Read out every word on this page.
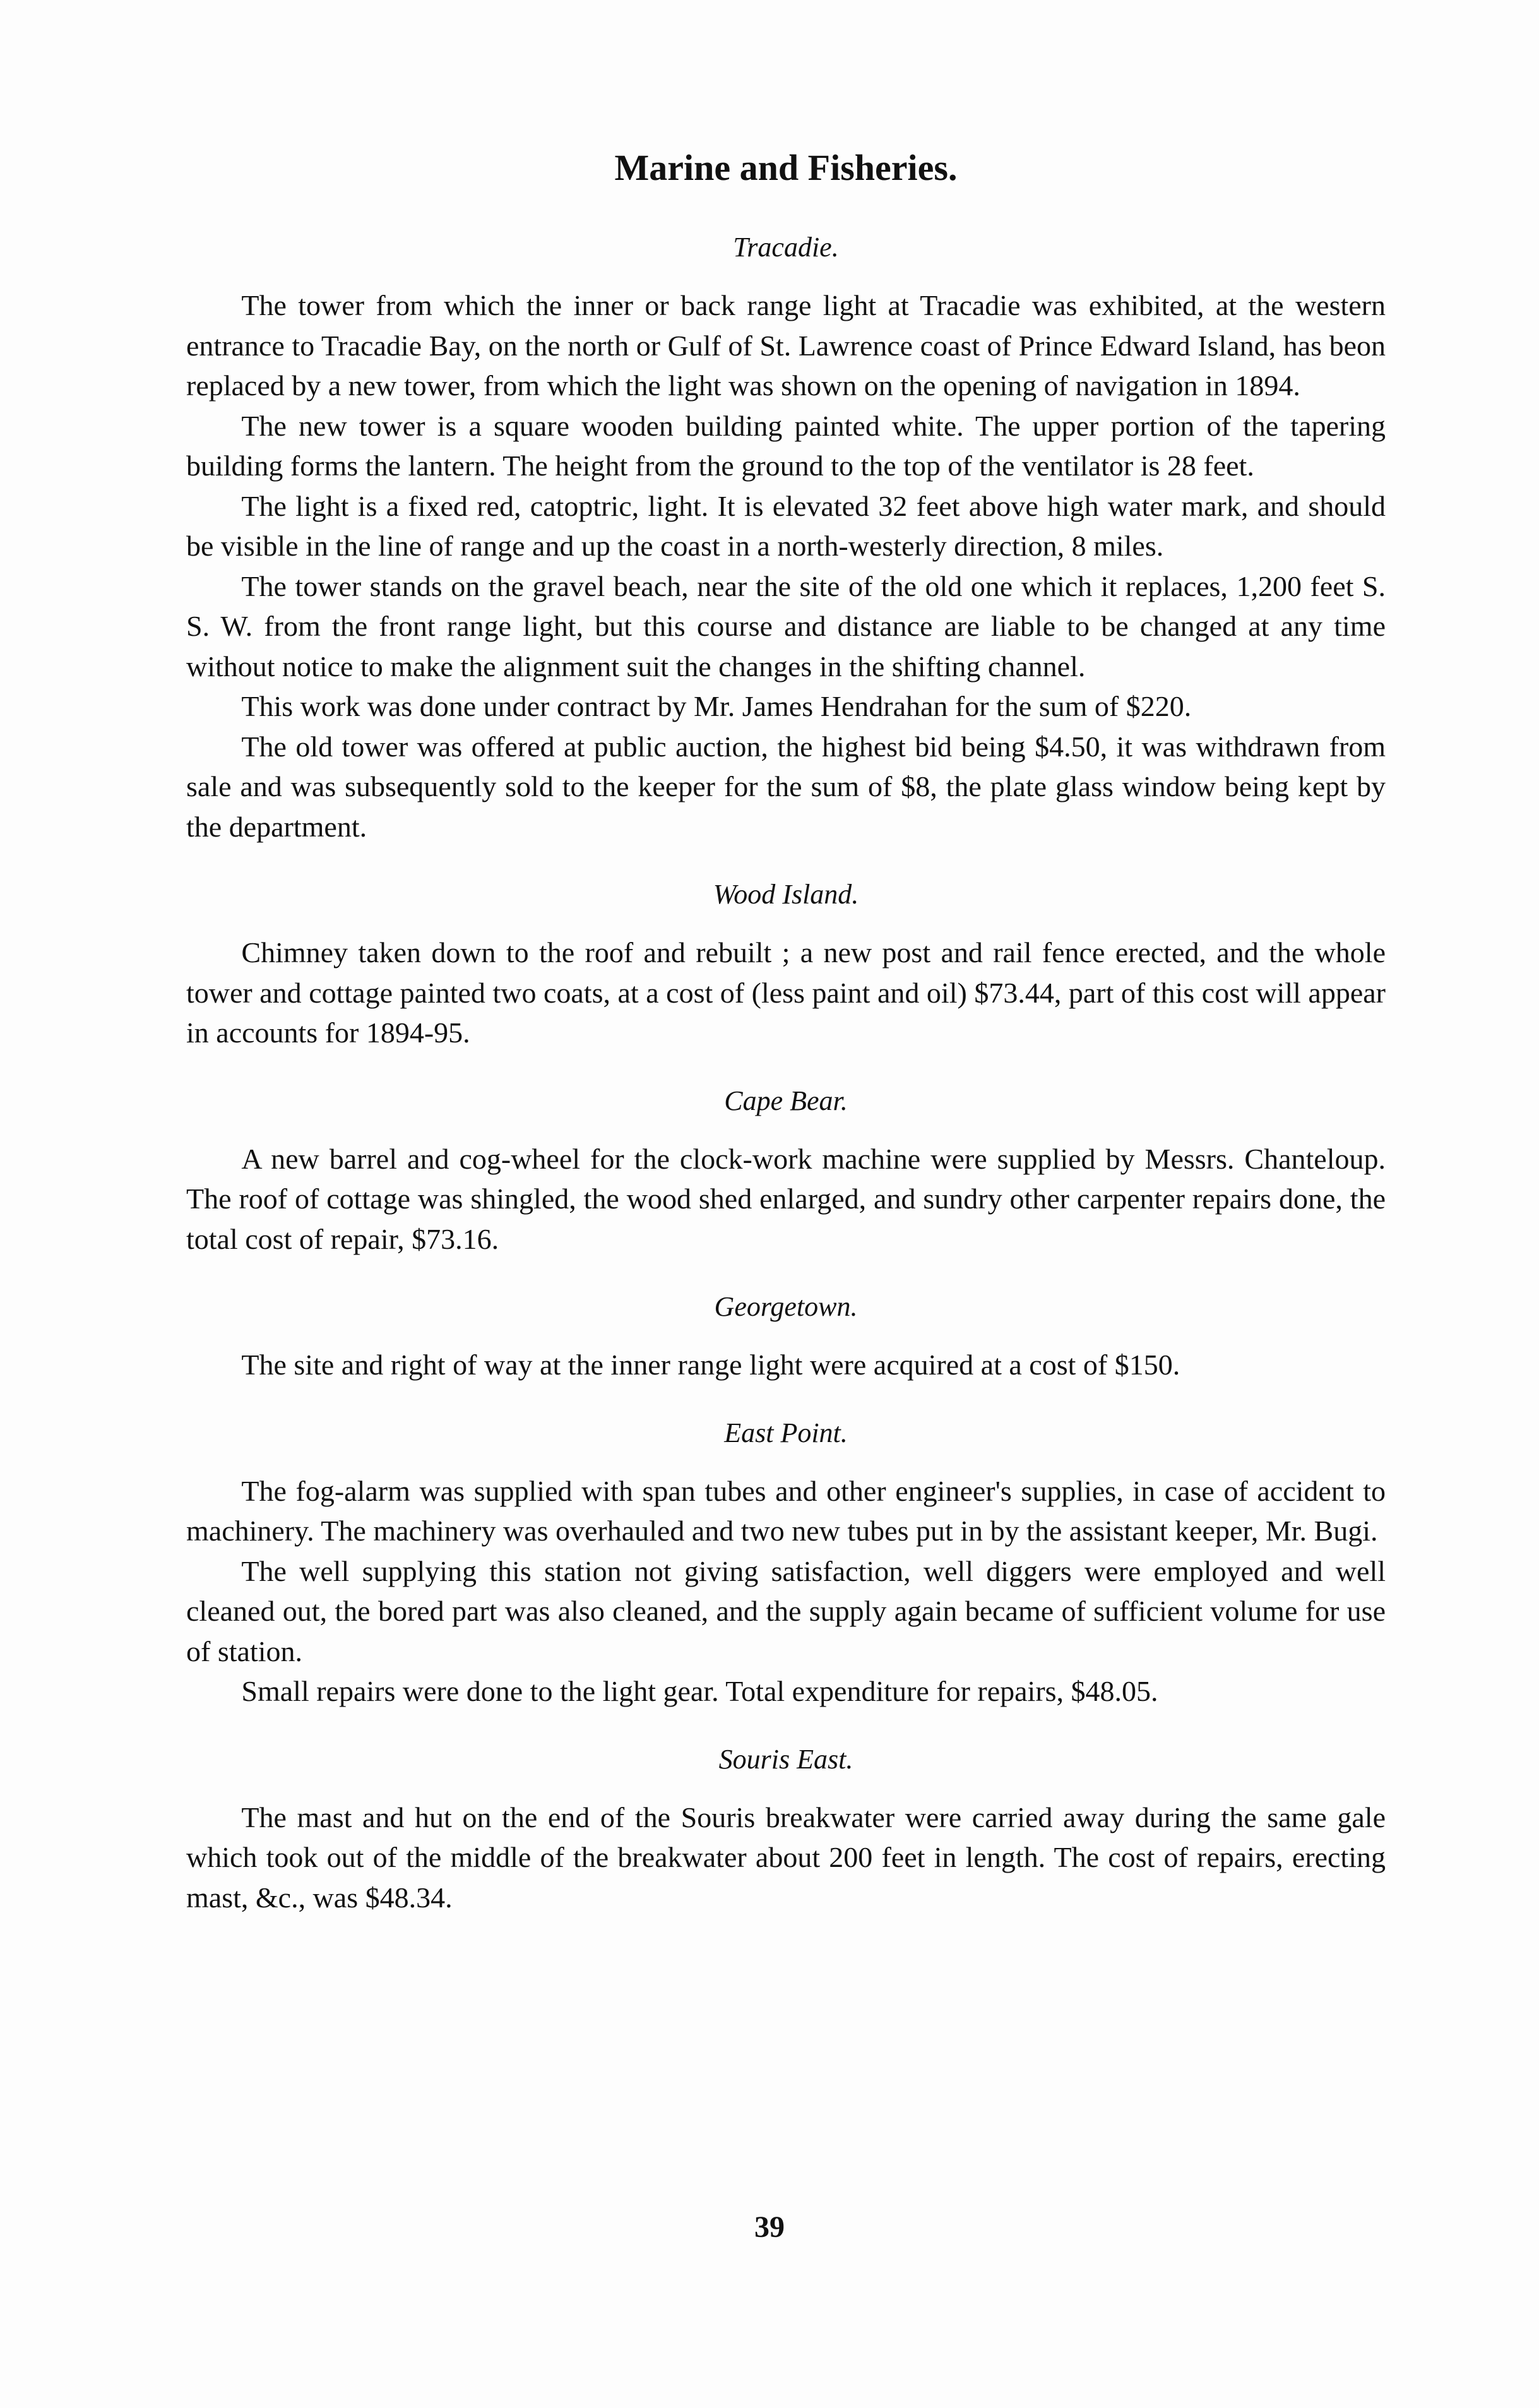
Marine and Fisheries.
Tracadie.

The tower from which the inner or back range light at Tracadie was exhibited, at the western entrance to Tracadie Bay, on the north or Gulf of St. Lawrence coast of Prince Edward Island, has beon replaced by a new tower, from which the light was shown on the opening of navigation in 1894.

The new tower is a square wooden building painted white. The upper portion of the tapering building forms the lantern. The height from the ground to the top of the ventilator is 28 feet.

The light is a fixed red, catoptric, light. It is elevated 32 feet above high water mark, and should be visible in the line of range and up the coast in a north-westerly direction, 8 miles.

The tower stands on the gravel beach, near the site of the old one which it replaces, 1,200 feet S. S. W. from the front range light, but this course and distance are liable to be changed at any time without notice to make the alignment suit the changes in the shifting channel.

This work was done under contract by Mr. James Hendrahan for the sum of $220.

The old tower was offered at public auction, the highest bid being $4.50, it was withdrawn from sale and was subsequently sold to the keeper for the sum of $8, the plate glass window being kept by the department.

Wood Island.

Chimney taken down to the roof and rebuilt ; a new post and rail fence erected, and the whole tower and cottage painted two coats, at a cost of (less paint and oil) $73.44, part of this cost will appear in accounts for 1894-95.

Cape Bear.

A new barrel and cog-wheel for the clock-work machine were supplied by Messrs. Chanteloup. The roof of cottage was shingled, the wood shed enlarged, and sundry other carpenter repairs done, the total cost of repair, $73.16.

Georgetown.

The site and right of way at the inner range light were acquired at a cost of $150.

East Point.

The fog-alarm was supplied with span tubes and other engineer's supplies, in case of accident to machinery. The machinery was overhauled and two new tubes put in by the assistant keeper, Mr. Bugi.

The well supplying this station not giving satisfaction, well diggers were employed and well cleaned out, the bored part was also cleaned, and the supply again became of sufficient volume for use of station.

Small repairs were done to the light gear. Total expenditure for repairs, $48.05.

Souris East.

The mast and hut on the end of the Souris breakwater were carried away during the same gale which took out of the middle of the breakwater about 200 feet in length. The cost of repairs, erecting mast, &c., was $48.34.

39
